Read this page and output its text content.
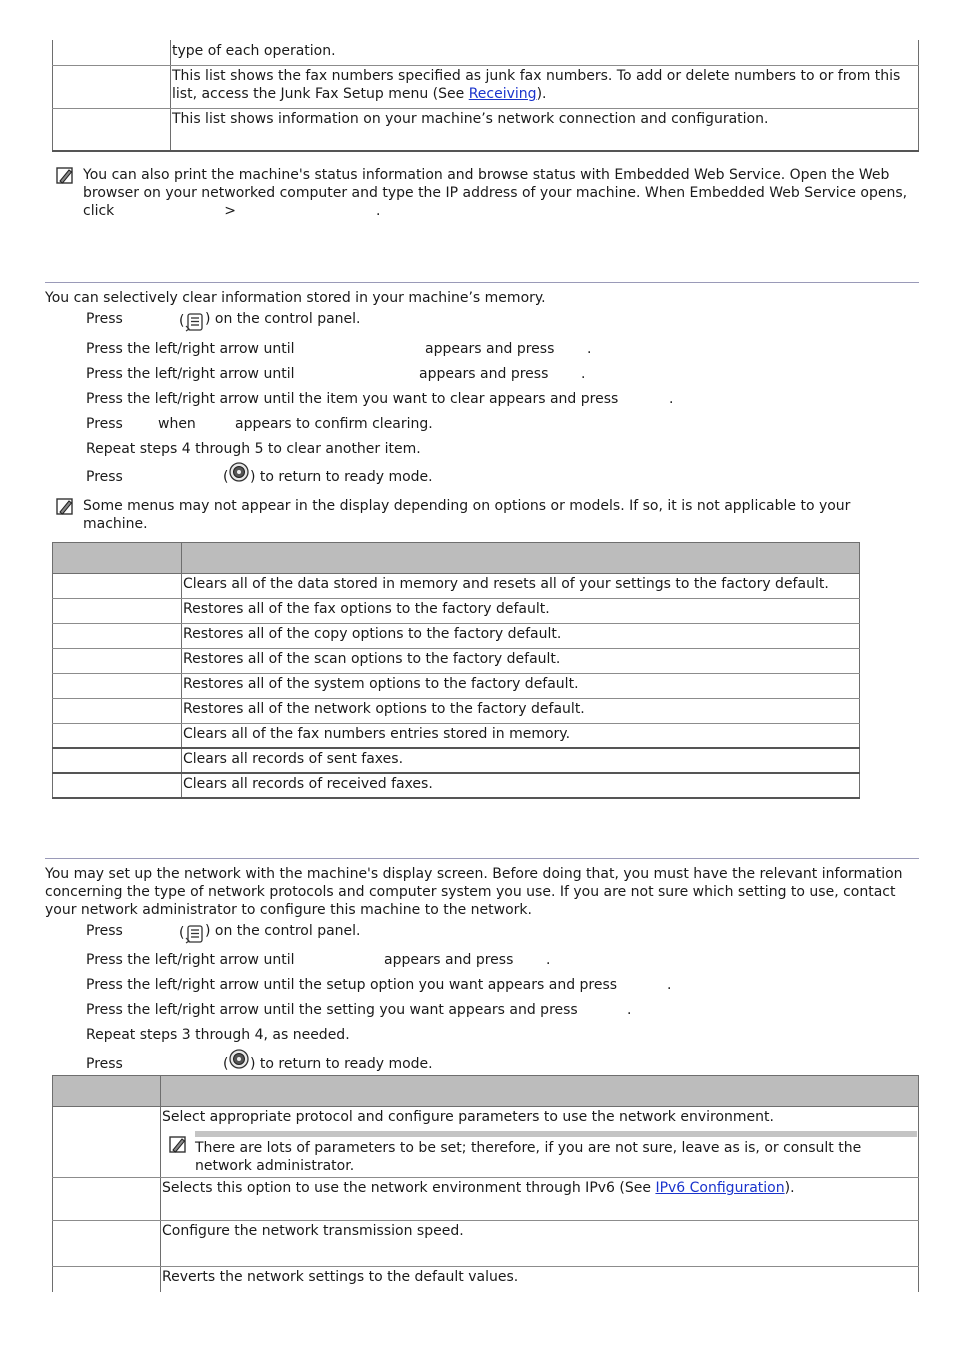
type of each operation.
This list shows the fax numbers specified as junk fax numbers. To add or delete numbers to or from this list, access the Junk Fax Setup menu (See Receiving).
This list shows information on your machine’s network connection and configuration.
You can also print the machine's status information and browse status with Embedded Web Service. Open the Web browser on your networked computer and type the IP address of your machine. When Embedded Web Service opens, click	>	.
You can selectively clear information stored in your machine’s memory.
Press	( ) on the control panel.
Press the left/right arrow until	appears and press .
Press the left/right arrow until	appears and press .
Press the left/right arrow until the item you want to clear appears and press	.
Press	when	appears to confirm clearing.
Repeat steps 4 through 5 to clear another item.
Press	( ) to return to ready mode.
Some menus may not appear in the display depending on options or models. If so, it is not applicable to your machine.
Clears all of the data stored in memory and resets all of your settings to the factory default.
Restores all of the fax options to the factory default.
Restores all of the copy options to the factory default.
Restores all of the scan options to the factory default.
Restores all of the system options to the factory default.
Restores all of the network options to the factory default.
Clears all of the fax numbers entries stored in memory.
Clears all records of sent faxes.
Clears all records of received faxes.
You may set up the network with the machine's display screen. Before doing that, you must have the relevant information concerning the type of network protocols and computer system you use. If you are not sure which setting to use, contact your network administrator to configure this machine to the network.
Press	( ) on the control panel.
Press the left/right arrow until	appears and press .
Press the left/right arrow until the setup option you want appears and press	.
Press the left/right arrow until the setting you want appears and press	.
Repeat steps 3 through 4, as needed.
Press	( ) to return to ready mode.
Select appropriate protocol and configure parameters to use the network environment.
There are lots of parameters to be set; therefore, if you are not sure, leave as is, or consult the network administrator.
Selects this option to use the network environment through IPv6 (See IPv6 Configuration).
Configure the network transmission speed.
Reverts the network settings to the default values.
